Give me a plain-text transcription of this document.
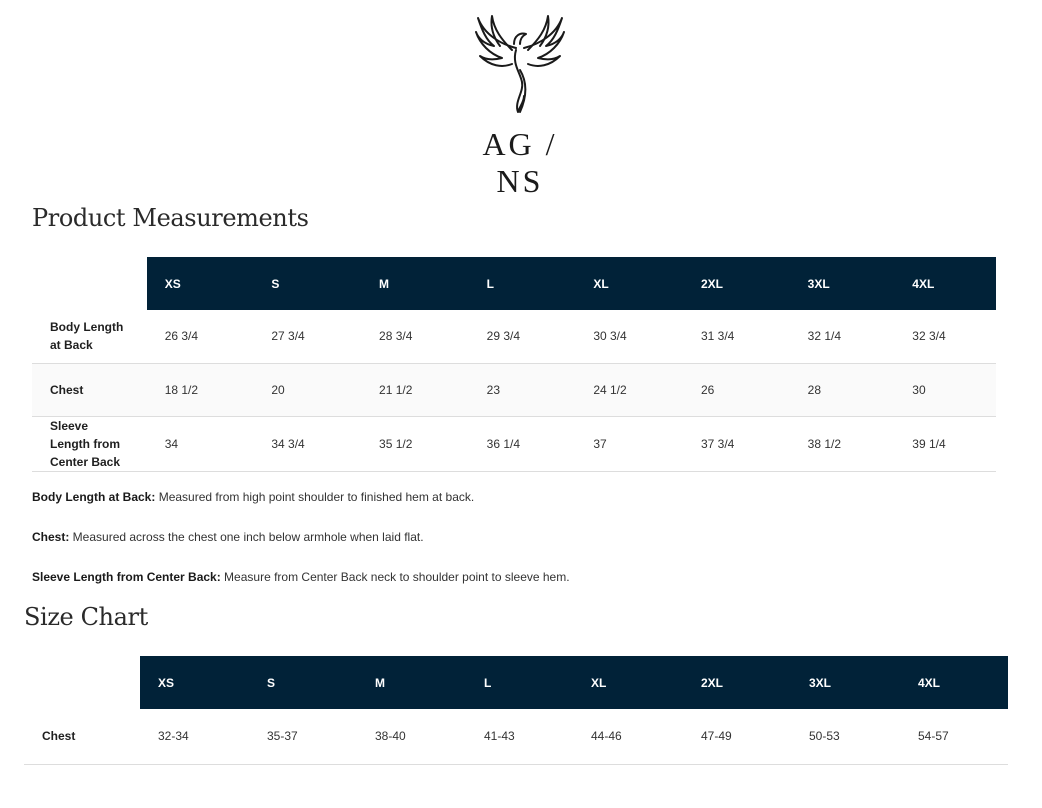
AG / NS
Product Measurements
	XS	S	M	L	XL	2XL	3XL	4XL

Body Length at Back	26 3/4	27 3/4	28 3/4	29 3/4	30 3/4	31 3/4	32 1/4	32 3/4

Chest	18 1/2	20	21 1/2	23	24 1/2	26	28	30

Sleeve Length from Center Back	34	34 3/4	35 1/2	36 1/4	37	37 3/4	38 1/2	39 1/4
Body Length at Back: Measured from high point shoulder to finished hem at back.
Chest: Measured across the chest one inch below armhole when laid flat.
Sleeve Length from Center Back: Measure from Center Back neck to shoulder point to sleeve hem.
Size Chart
	XS	S	M	L	XL	2XL	3XL	4XL
Chest	32-34	35-37	38-40	41-43	44-46	47-49	50-53	54-57
